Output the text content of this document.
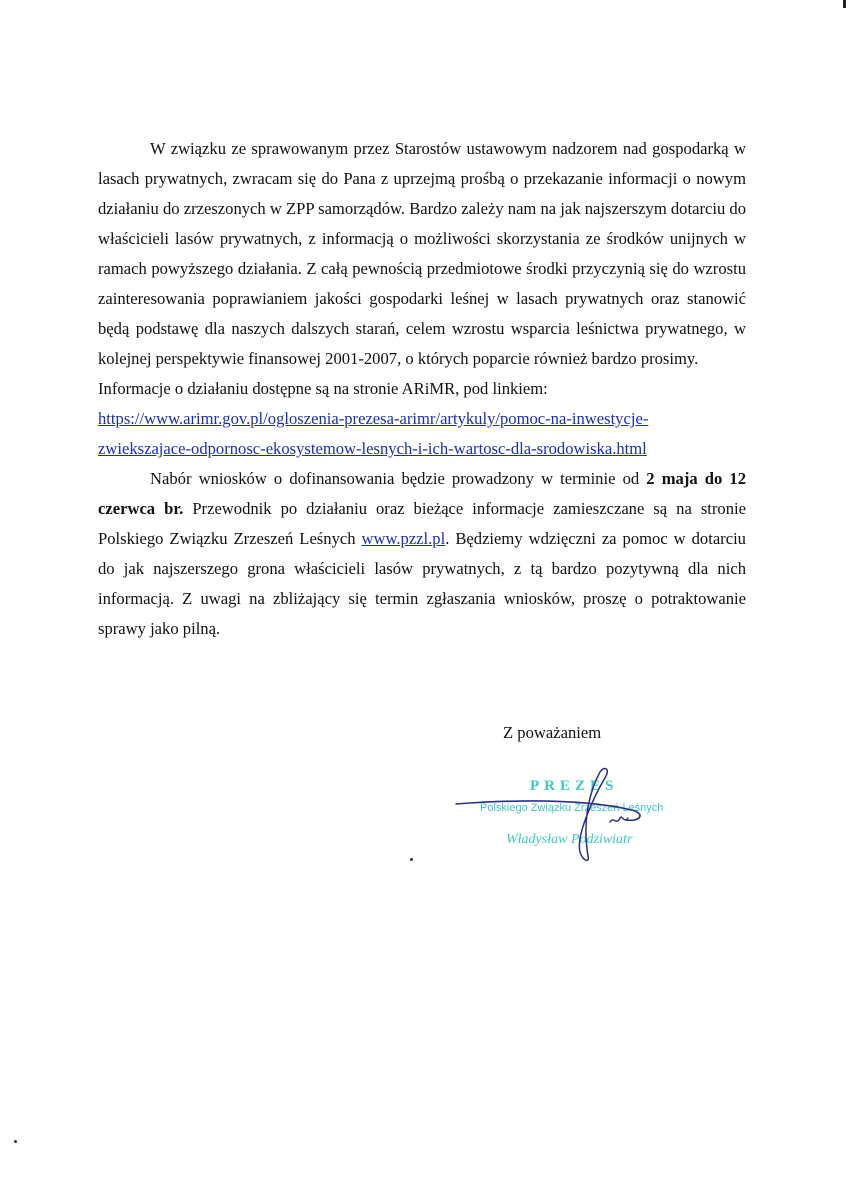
W związku ze sprawowanym przez Starostów ustawowym nadzorem nad gospodarką w lasach prywatnych, zwracam się do Pana z uprzejmą prośbą o przekazanie informacji o nowym działaniu do zrzeszonych w ZPP samorządów. Bardzo zależy nam na jak najszerszym dotarciu do właścicieli lasów prywatnych, z informacją o możliwości skorzystania ze środków unijnych w ramach powyższego działania. Z całą pewnością przedmiotowe środki przyczynią się do wzrostu zainteresowania poprawianiem jakości gospodarki leśnej w lasach prywatnych oraz stanowić będą podstawę dla naszych dalszych starań, celem wzrostu wsparcia leśnictwa prywatnego, w kolejnej perspektywie finansowej 2001-2007, o których poparcie również bardzo prosimy.

Informacje o działaniu dostępne są na stronie ARiMR, pod linkiem:

https://www.arimr.gov.pl/ogloszenia-prezesa-arimr/artykuly/pomoc-na-inwestycje-

zwiekszajace-odpornosc-ekosystemow-lesnych-i-ich-wartosc-dla-srodowiska.html

Nabór wniosków o dofinansowania będzie prowadzony w terminie od 2 maja do 12 czerwca br. Przewodnik po działaniu oraz bieżące informacje zamieszczane są na stronie Polskiego Związku Zrzeszeń Leśnych www.pzzl.pl. Będziemy wdzięczni za pomoc w dotarciu do jak najszerszego grona właścicieli lasów prywatnych, z tą bardzo pozytywną dla nich informacją. Z uwagi na zbliżający się termin zgłaszania wniosków, proszę o potraktowanie sprawy jako pilną.

Z poważaniem
PREZES
Polskiego Związku Zrzeszeń Leśnych
Władysław Podziwiatr
